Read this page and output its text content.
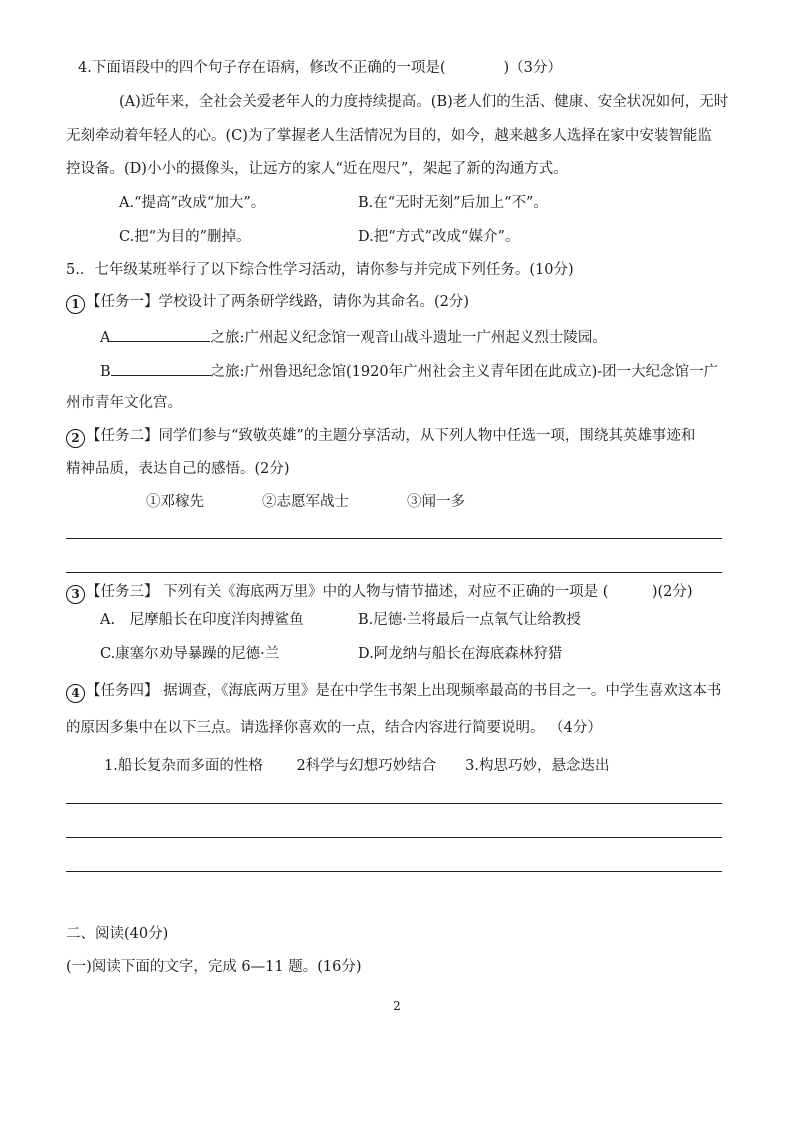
4.下面语段中的四个句子存在语病，修改不正确的一项是(　　　　)（3分）
(A)近年来，全社会关爱老年人的力度持续提高。(B)老人们的生活、健康、安全状况如何，无时
无刻牵动着年轻人的心。(C)为了掌握老人生活情况为目的，如今，越来越多人选择在家中安装智能监
控设备。(D)小小的摄像头，让远方的家人“近在咫尺”，架起了新的沟通方式。
A.“提高”改成“加大”。	B.在“无时无刻”后加上“不”。
C.把“为目的”删掉。	D.把“方式”改成“媒介”。
5.．七年级某班举行了以下综合性学习活动，请你参与并完成下列任务。(10分)
1 【任务一】学校设计了两条研学线路，请你为其命名。(2分)
A	之旅:广州起义纪念馆一观音山战斗遗址一广州起义烈士陵园。
B	之旅:广州鲁迅纪念馆(1920年广州社会主义青年团在此成立)-团一大纪念馆一广
州市青年文化宫。
2 【任务二】同学们参与“致敬英雄”的主题分享活动，从下列人物中任选一项，围绕其英雄事迹和
精神品质，表达自己的感悟。(2分)
①邓稼先	②志愿军战士	③闻一多
3 【任务三】 下列有关《海底两万里》中的人物与情节描述，对应不正确的一项是 (　　　)(2分)
A.　尼摩船长在印度洋肉搏鲨鱼	B.尼德·兰将最后一点氧气让给教授
C.康塞尔劝导暴躁的尼德·兰	D.阿龙纳与船长在海底森林狩猎
4 【任务四】 据调查，《海底两万里》是在中学生书架上出现频率最高的书目之一。中学生喜欢这本书
的原因多集中在以下三点。请选择你喜欢的一点，结合内容进行简要说明。 （4分）
1.船长复杂而多面的性格　　 2科学与幻想巧妙结合　　3.构思巧妙，悬念迭出
二、阅读(40分)
(一)阅读下面的文字，完成 6—11 题。(16分)
2
